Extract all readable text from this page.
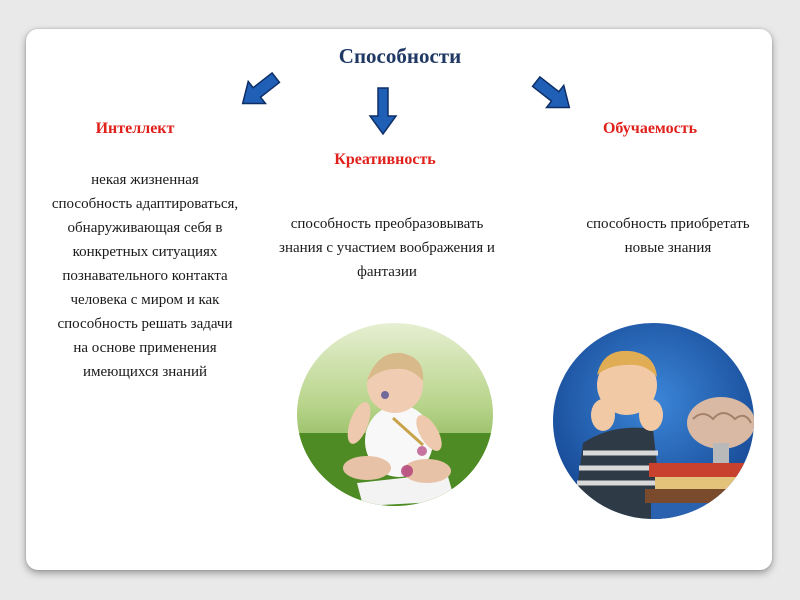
Способности
Интеллект
Креативность
Обучаемость
некая жизненная способность адаптироваться, обнаруживающая себя в конкретных ситуациях познавательного контакта человека с миром и как способность решать задачи на основе применения имеющихся знаний
способность преобразовывать знания с участием воображения и фантазии
способность приобретать новые знания
